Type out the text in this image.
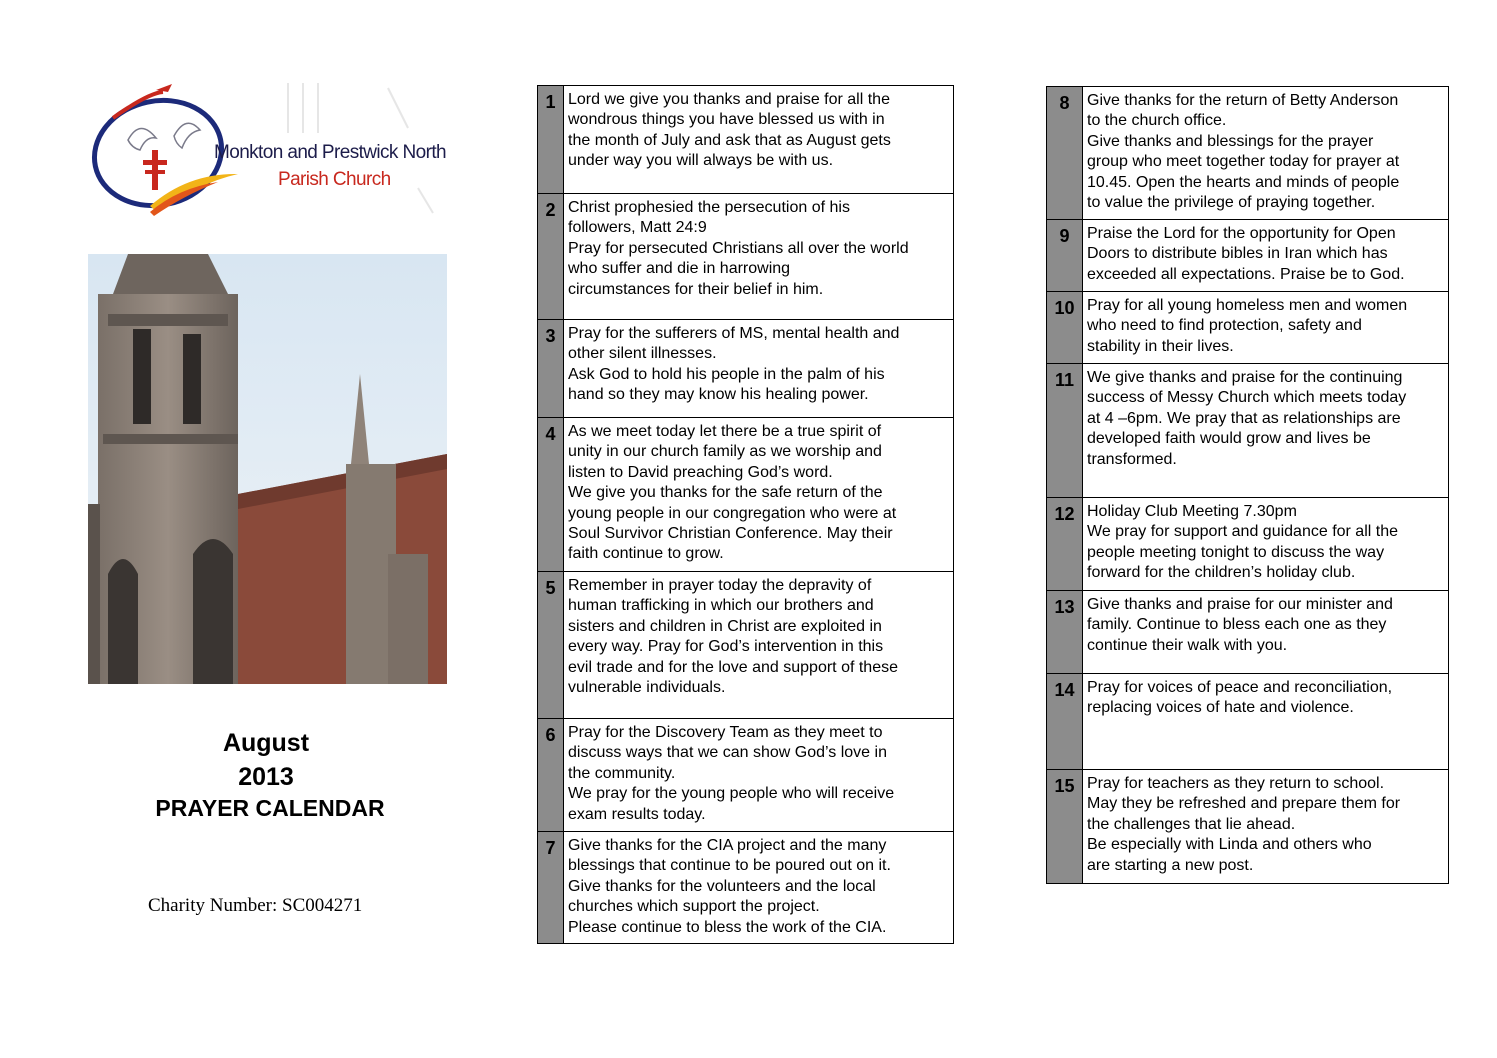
Monkton and Prestwick North
Parish Church
August
2013
PRAYER CALENDAR
Charity Number: SC004271
1 Lord we give you thanks and praise for all the
wondrous things you have blessed us with in
the month of July and ask that as August gets
under way you will always be with us.
2 Christ prophesied the persecution of his
followers, Matt 24:9
Pray for persecuted Christians all over the world
who suffer and die in harrowing
circumstances for their belief in him.
3 Pray for the sufferers of MS, mental health and
other silent illnesses.
Ask God to hold his people in the palm of his
hand so they may know his healing power.
4 As we meet today let there be a true spirit of
unity in our church family as we worship and
listen to David preaching God’s word.
We give you thanks for the safe return of the
young people in our congregation who were at
Soul Survivor Christian Conference. May their
faith continue to grow.
5 Remember in prayer today the depravity of
human trafficking in which our brothers and
sisters and children in Christ are exploited in
every way. Pray for God’s intervention in this
evil trade and for the love and support of these
vulnerable individuals.
6 Pray for the Discovery Team as they meet to
discuss ways that we can show God’s love in
the community.
We pray for the young people who will receive
exam results today.
7 Give thanks for the CIA project and the many
blessings that continue to be poured out on it.
Give thanks for the volunteers and the local
churches which support the project.
Please continue to bless the work of the CIA.
8	Give thanks for the return of Betty Anderson
to the church office.
Give thanks and blessings for the prayer
group who meet together today for prayer at
10.45. Open the hearts and minds of people
to value the privilege of praying together.
9	Praise the Lord for the opportunity for Open
Doors to distribute bibles in Iran which has
exceeded all expectations. Praise be to God.
10 Pray for all young homeless men and women
who need to find protection, safety and
stability in their lives.
11 We give thanks and praise for the continuing
success of Messy Church which meets today
at 4 –6pm. We pray that as relationships are
developed faith would grow and lives be
transformed.
12 Holiday Club Meeting 7.30pm
We pray for support and guidance for all the
people meeting tonight to discuss the way
forward for the children’s holiday club.
13 Give thanks and praise for our minister and
family. Continue to bless each one as they
continue their walk with you.
14 Pray for voices of peace and reconciliation,
replacing voices of hate and violence.
15 Pray for teachers as they return to school.
May they be refreshed and prepare them for
the challenges that lie ahead.
Be especially with Linda and others who
are starting a new post.
